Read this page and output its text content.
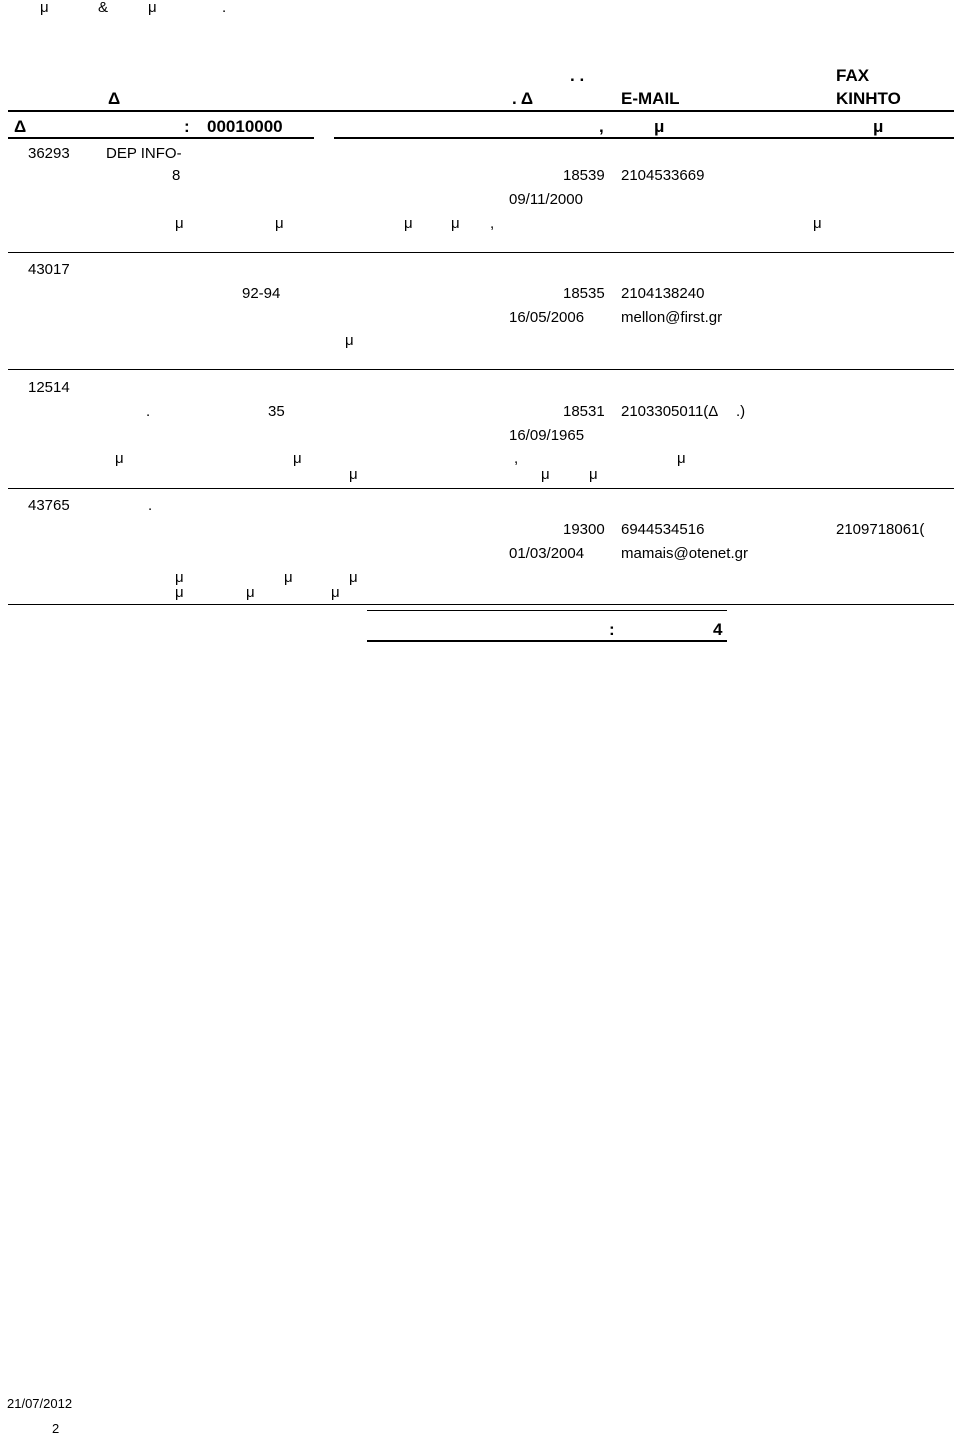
μ	&	μ	.
. .	FAX
Δ	. Δ	E-MAIL	KINHTO
Δ	: 00010000	,	μ	μ
36293 DEP INFO-
8	18539 2104533669
09/11/2000
μ	μ	μ	μ ,	μ
43017
92-94	18535 2104138240
16/05/2006 mellon@first.gr
μ
12514
.	35	18531 2103305011(Δ .)
16/09/1965
μ	μ	,	μ
μ	μ	μ
43765	.
19300 6944534516	2109718061(
01/03/2004 mamais@otenet.gr
μ	μ	μ
μ	μ	μ
:	4
21/07/2012
2
